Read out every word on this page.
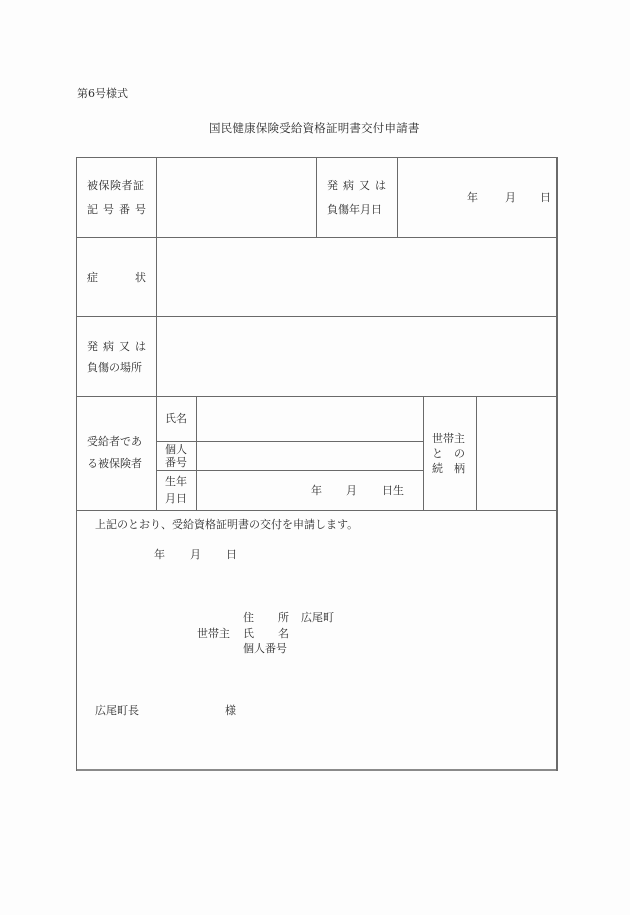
第6号様式
国民健康保険受給資格証明書交付申請書
被保険者証
記 号 番 号
発 病 又 は
負傷年月日
年 月 日
症	状
発 病 又 は
負傷の場所
受給者であ
る被保険者
氏名
個人
番号
生年
月日
年 月 日生
世帯主
と の
続 柄
上記のとおり、受給資格証明書の交付を申請します。
年 月 日
住 所 広尾町
世帯主 氏 名
個人番号
広尾町長	様
